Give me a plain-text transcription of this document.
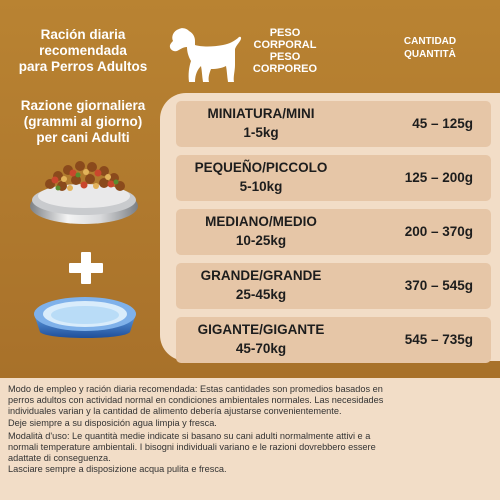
Ración diaria
recomendada
para Perros Adultos
Razione giornaliera
(grammi al giorno)
per cani Adulti
PESO
CORPORAL
PESO
CORPOREO
CANTIDAD
QUANTITÀ
MINIATURA/MINI
1-5kg
45 – 125g
PEQUEÑO/PICCOLO
5-10kg
125 – 200g
MEDIANO/MEDIO
10-25kg
200 – 370g
GRANDE/GRANDE
25-45kg
370 – 545g
GIGANTE/GIGANTE
45-70kg
545 – 735g
Modo de empleo y ración diaria recomendada: Estas cantidades son promedios basados en
perros adultos con actividad normal en condiciones ambientales normales. Las necesidades
individuales varian y la cantidad de alimento debería ajustarse convenientemente.
Deje siempre a su disposición agua limpia y fresca.
Modalità d'uso: Le quantità medie indicate si basano su cani adulti normalmente attivi e a
normali temperature ambientali. I bisogni individuali variano e le razioni dovrebbero essere
adattate di conseguenza.
Lasciare sempre a disposizione acqua pulita e fresca.
